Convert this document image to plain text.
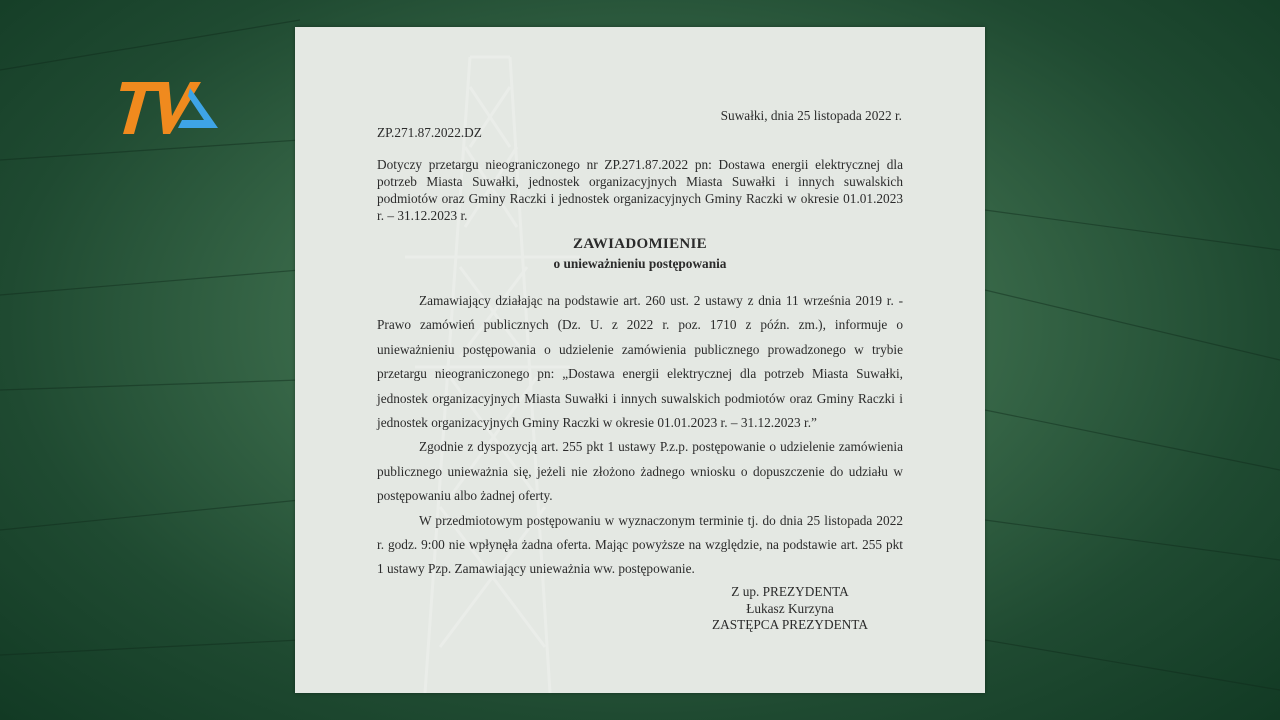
Suwałki, dnia 25 listopada 2022 r.
ZP.271.87.2022.DZ
Dotyczy przetargu nieograniczonego nr ZP.271.87.2022 pn: Dostawa energii elektrycznej dla potrzeb Miasta Suwałki, jednostek organizacyjnych Miasta Suwałki i innych suwalskich podmiotów oraz Gminy Raczki i jednostek organizacyjnych Gminy Raczki w okresie 01.01.2023 r. – 31.12.2023 r.
ZAWIADOMIENIE
o unieważnieniu postępowania

Zamawiający działając na podstawie art. 260 ust. 2 ustawy z dnia 11 września 2019 r. - Prawo zamówień publicznych (Dz. U. z 2022 r. poz. 1710 z późn. zm.), informuje o unieważnieniu postępowania o udzielenie zamówienia publicznego prowadzonego w trybie przetargu nieograniczonego pn: „Dostawa energii elektrycznej dla potrzeb Miasta Suwałki, jednostek organizacyjnych Miasta Suwałki i innych suwalskich podmiotów oraz Gminy Raczki i jednostek organizacyjnych Gminy Raczki w okresie 01.01.2023 r. – 31.12.2023 r.”

Zgodnie z dyspozycją art. 255 pkt 1 ustawy P.z.p. postępowanie o udzielenie zamówienia publicznego unieważnia się, jeżeli nie złożono żadnego wniosku o dopuszczenie do udziału w postępowaniu albo żadnej oferty.

W przedmiotowym postępowaniu w wyznaczonym terminie tj. do dnia 25 listopada 2022 r. godz. 9:00 nie wpłynęła żadna oferta. Mając powyższe na względzie, na podstawie art. 255 pkt 1 ustawy Pzp. Zamawiający unieważnia ww. postępowanie.

Z up. PREZYDENTA
Łukasz Kurzyna
ZASTĘPCA PREZYDENTA
